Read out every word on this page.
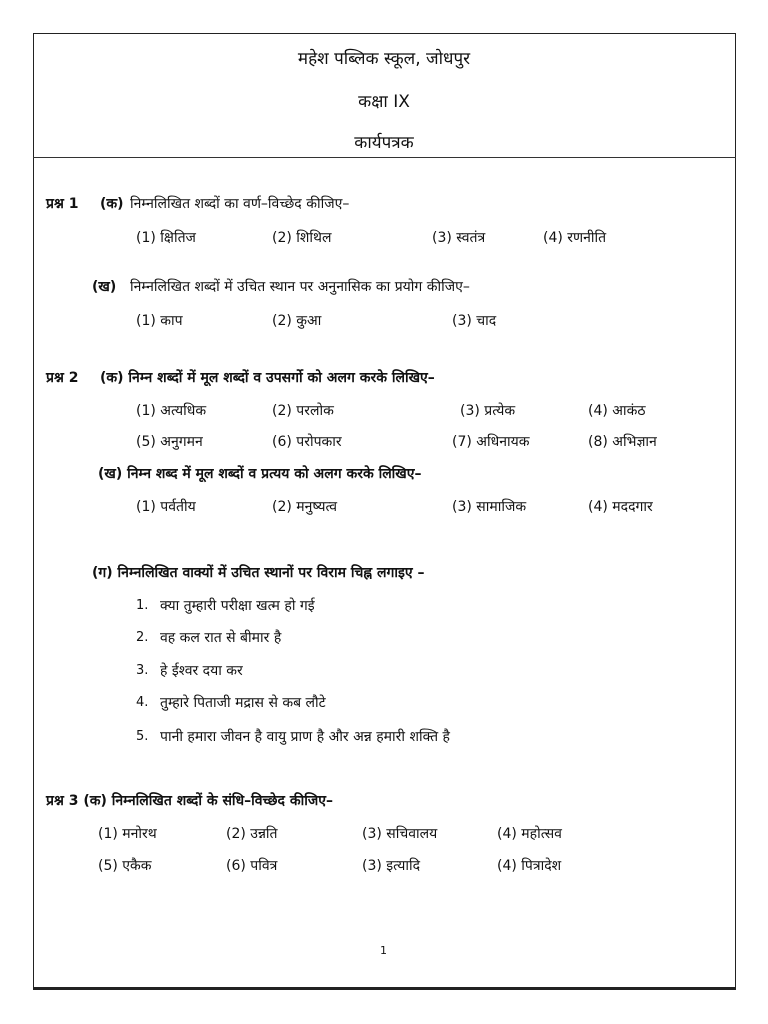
महेश पब्लिक स्कूल, जोधपुर
कक्षा IX
कार्यपत्रक
प्रश्न 1 (क) निम्नलिखित शब्दों का वर्ण–विच्छेद कीजिए–
(1) क्षितिज	(2) शिथिल	(3) स्वतंत्र	(4) रणनीति
(ख) निम्नलिखित शब्दों में उचित स्थान पर अनुनासिक का प्रयोग कीजिए–
(1) काप	(2) कुआ	(3) चाद
प्रश्न 2 (क) निम्न शब्दों में मूल शब्दों व उपसर्गो को अलग करके लिखिए–
(1) अत्यधिक	(2) परलोक	(3) प्रत्येक	(4) आकंठ
(5) अनुगमन	(6) परोपकार	(7) अधिनायक	(8) अभिज्ञान
(ख) निम्न शब्द में मूल शब्दों व प्रत्यय को अलग करके लिखिए–
(1) पर्वतीय	(2) मनुष्यत्व	(3) सामाजिक	(4) मददगार
(ग) निम्नलिखित वाक्यों में उचित स्थानों पर विराम चिह्न लगाइए –
1. क्या तुम्हारी परीक्षा खत्म हो गई
2. वह कल रात से बीमार है
3. हे ईश्वर दया कर
4. तुम्हारे पिताजी मद्रास से कब लौटे
5. पानी हमारा जीवन है वायु प्राण है और अन्न हमारी शक्ति है
प्रश्न 3 (क) निम्नलिखित शब्दों के संधि–विच्छेद कीजिए–
(1) मनोरथ	(2) उन्नति	(3) सचिवालय	(4) महोत्सव
(5) एकैक	(6) पवित्र	(3) इत्यादि	(4) पित्रादेश
1
